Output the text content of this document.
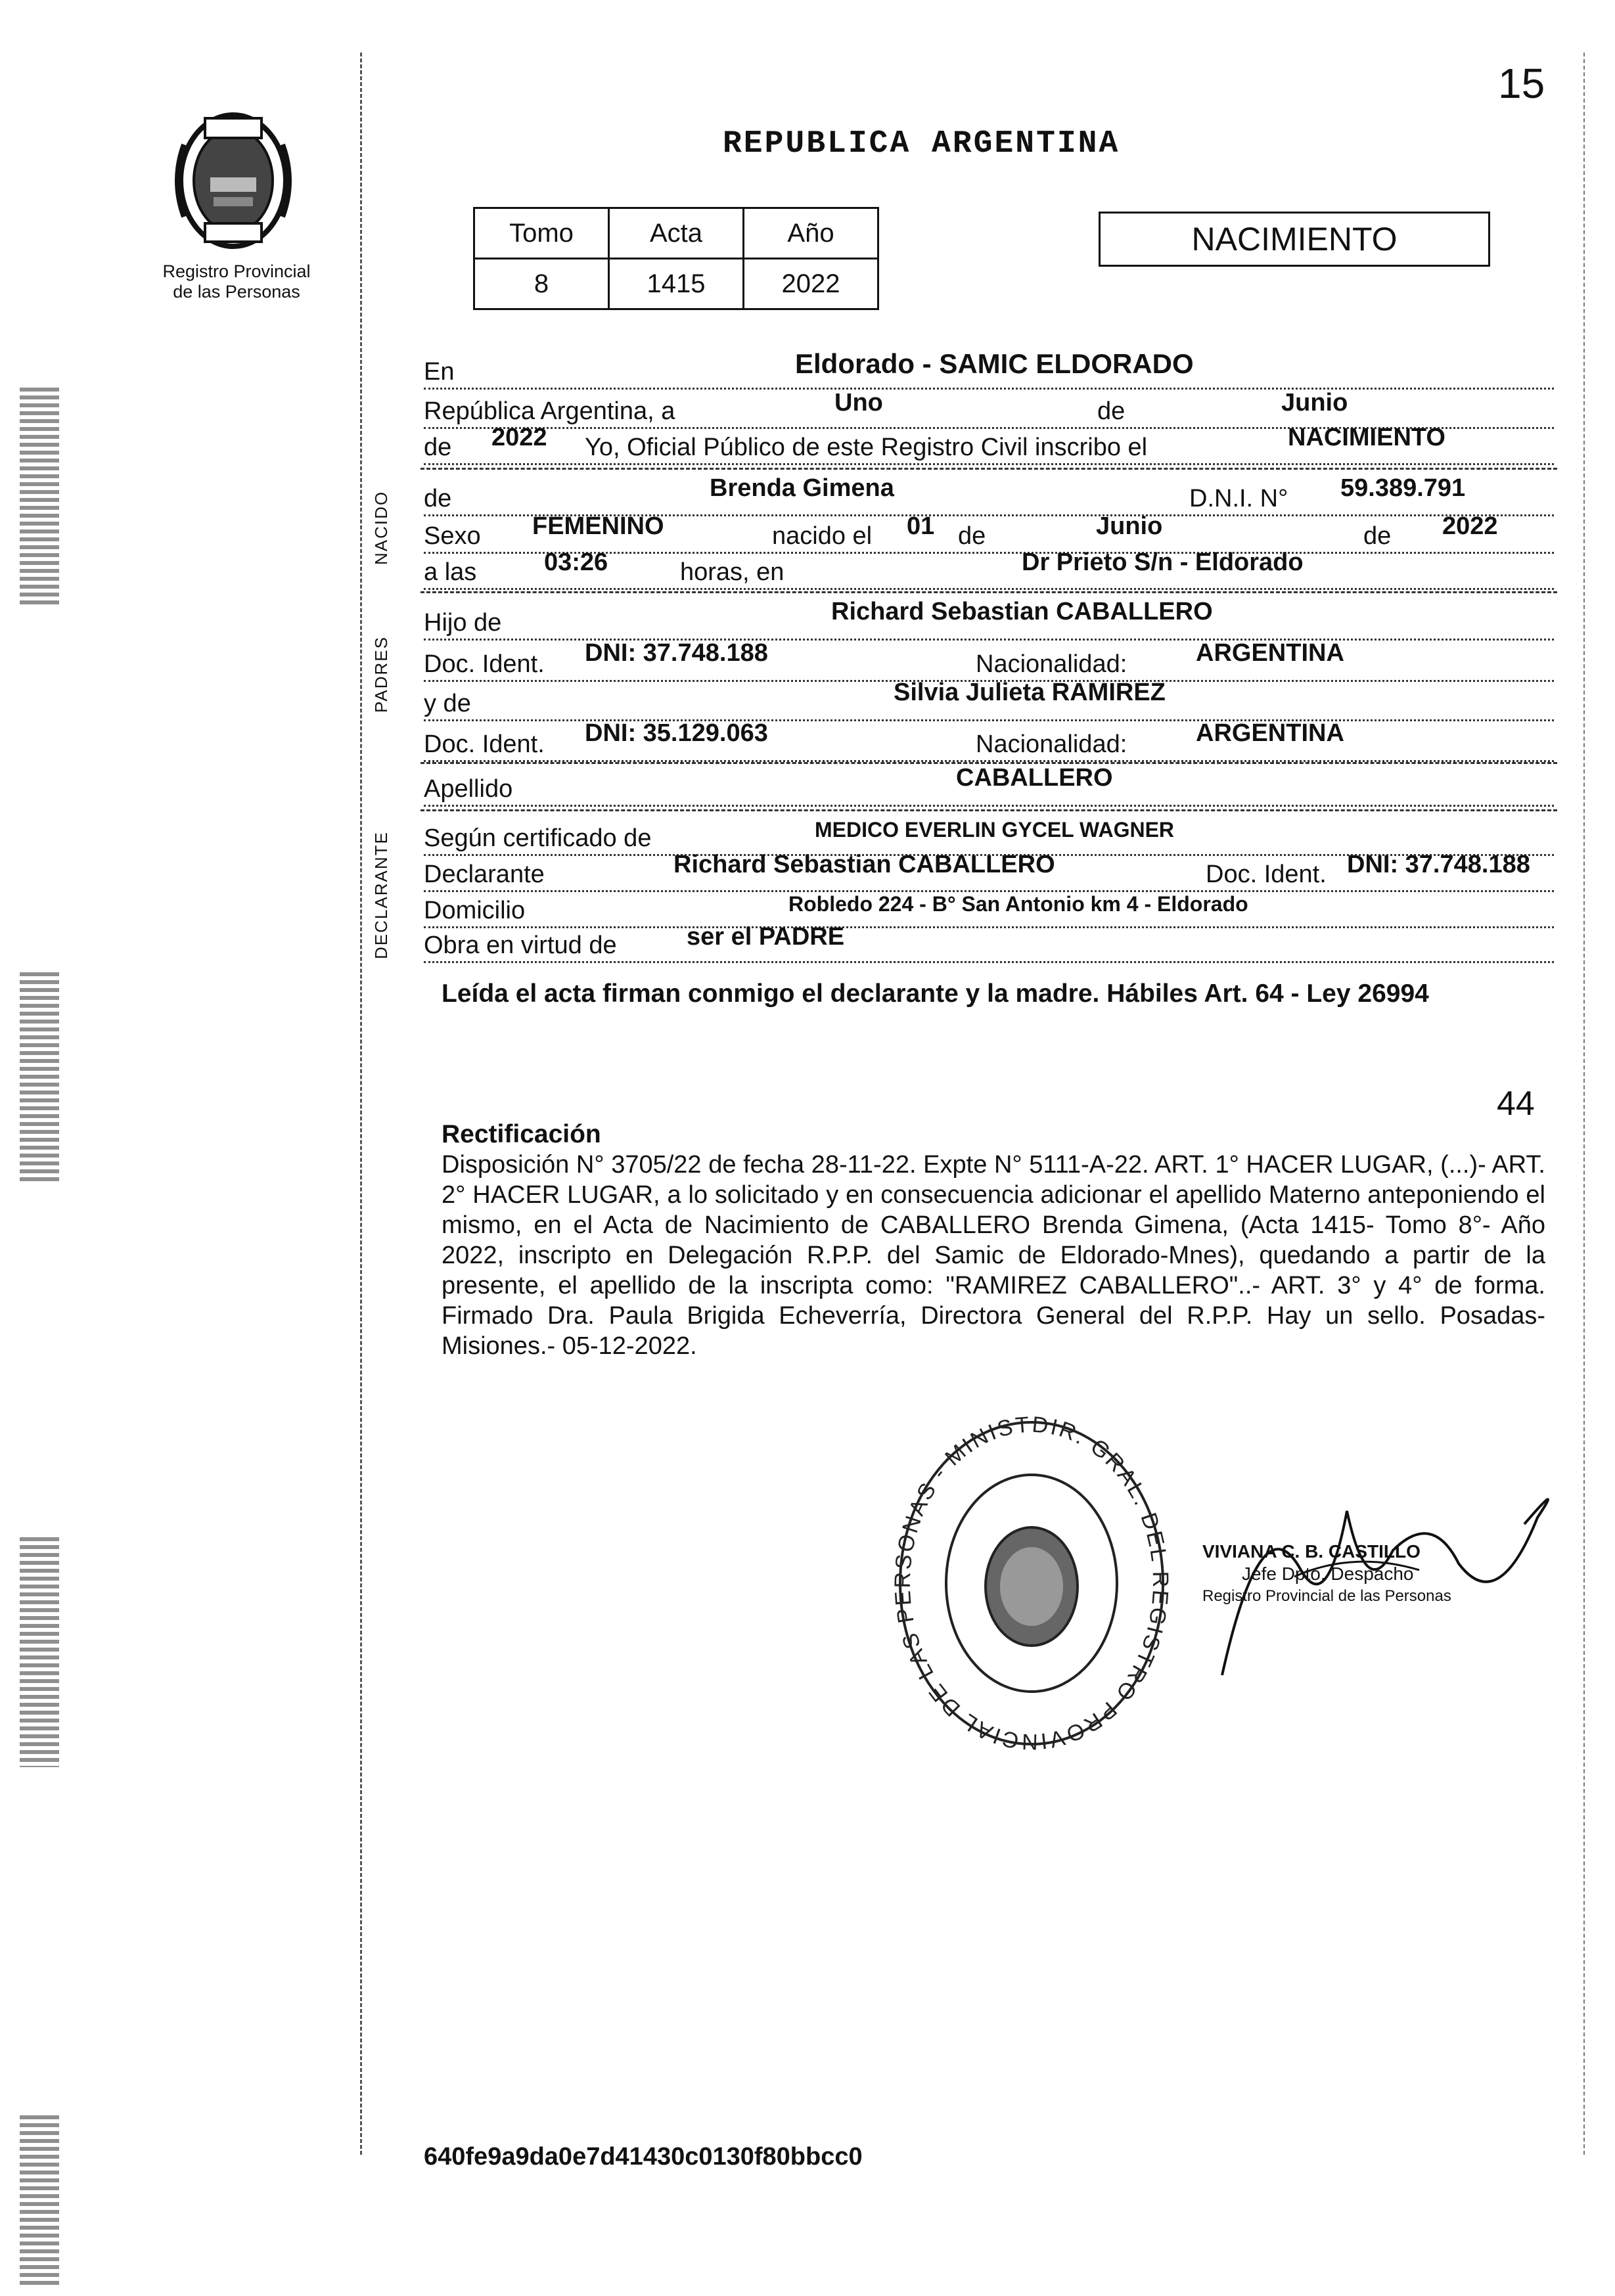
15
Registro Provincial
de las Personas
REPUBLICA ARGENTINA
Tomo	Acta	Año
8	1415	2022
NACIMIENTO
En	Eldorado - SAMIC ELDORADO
República Argentina, a	Uno	de	Junio
de	2022 Yo, Oficial Público de este Registro Civil inscribo el	NACIMIENTO
NACIDO de	Brenda Gimena	D.N.I. N° 59.389.791
Sexo	FEMENINO	nacido el 01 de	Junio	de 2022
a las	03:26	horas, en	Dr Prieto S/n - Eldorado
PADRES
Hijo de	Richard Sebastian CABALLERO
Doc. Ident.	DNI: 37.748.188	Nacionalidad:	ARGENTINA
y de	Silvia Julieta RAMIREZ
Doc. Ident.	DNI: 35.129.063	Nacionalidad:	ARGENTINA
Apellido	CABALLERO
DECLARANTE Según certificado de	MEDICO EVERLIN GYCEL WAGNER
Declarante	Richard Sebastian CABALLERO	Doc. Ident. DNI: 37.748.188
Domicilio	Robledo 224 - B° San Antonio km 4 - Eldorado
Obra en virtud de	ser el PADRE
Leída el acta firman conmigo el declarante y la madre. Hábiles Art. 64 - Ley 26994
44
Rectificación
Disposición N° 3705/22 de fecha 28-11-22. Expte N° 5111-A-22. ART. 1° HACER LUGAR, (...)- ART. 2° HACER LUGAR, a lo solicitado y en consecuencia adicionar el apellido Materno anteponiendo el mismo, en el Acta de Nacimiento de CABALLERO Brenda Gimena, (Acta 1415- Tomo 8°- Año 2022, inscripto en Delegación R.P.P. del Samic de Eldorado-Mnes), quedando a partir de la presente, el apellido de la inscripta como: "RAMIREZ CABALLERO"..- ART. 3° y 4° de forma. Firmado Dra. Paula Brigida Echeverría, Directora General del R.P.P. Hay un sello. Posadas- Misiones.- 05-12-2022.
DIR. GRAL. DEL REGISTRO PROVINCIAL DE LAS PERSONAS - MINIST
VIVIANA C. B. CASTILLO
Jefe Dpto. Despacho
Registro Provincial de las Personas
640fe9a9da0e7d41430c0130f80bbcc0
